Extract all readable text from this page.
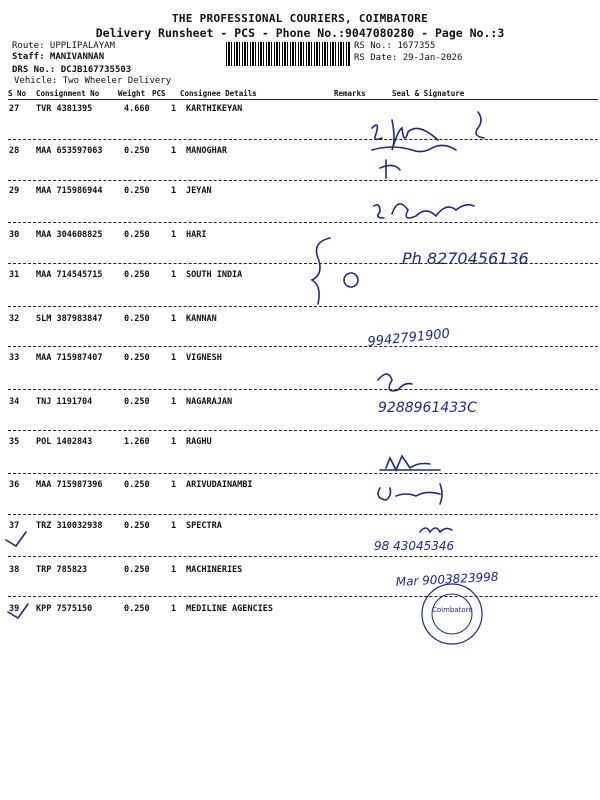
THE PROFESSIONAL COURIERS, COIMBATORE
Delivery Runsheet - PCS - Phone No.:9047080280 - Page No.:3
Route: UPPLIPALAYAM
Staff: MANIVANNAN
DRS No.: DCJB167735503
Vehicle: Two Wheeler Delivery
RS No.: 1677355
RS Date: 29-Jan-2026
S No Consignment No	Weight PCS Consignee Details	Remarks	Seal & Signature
27 TVR 4381395	4.660	1 KARTHIKEYAN
28 MAA 653597063	0.250	1 MANOGHAR
29 MAA 715986944	0.250	1 JEYAN
30 MAA 304608825	0.250	1 HARI
31 MAA 714545715	0.250	1 SOUTH INDIA
32 SLM 387983847	0.250	1 KANNAN
33 MAA 715987407	0.250	1 VIGNESH
34 TNJ 1191704	0.250	1 NAGARAJAN
35 POL 1402843	1.260	1 RAGHU
36 MAA 715987396	0.250	1 ARIVUDAINAMBI
37 TRZ 310032938	0.250	1 SPECTRA
38 TRP 785823	0.250	1 MACHINERIES
39 KPP 7575150	0.250	1 MEDILINE AGENCIES
Ph 8270456136
9942791900
9288961433C
98 43045346
Mar 9003823998
Coimbatore
